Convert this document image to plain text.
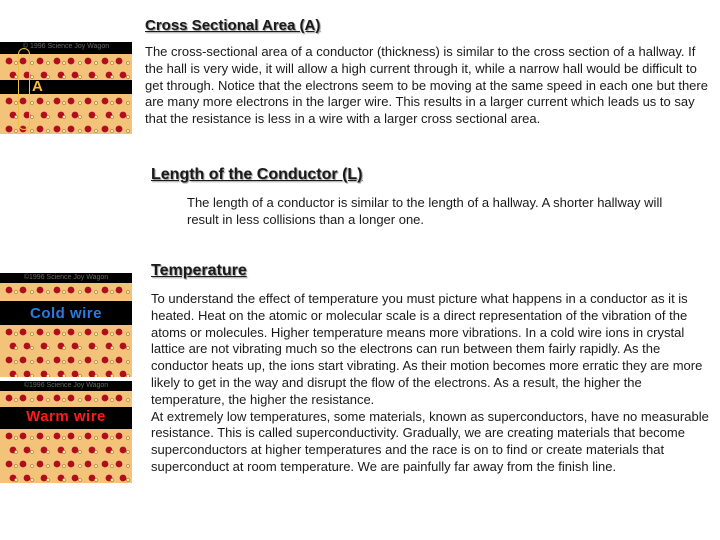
Cross Sectional Area (A)
The cross-sectional area of a conductor (thickness) is similar to the cross section of a hallway. If the hall is very wide, it will allow a high current through it, while a narrow hall would be difficult to get through. Notice that the electrons seem to be moving at the same speed in each one but there are many more electrons in the larger wire. This results in a larger current which leads us to say that the resistance is less in a wire with a larger cross sectional area.
Length of the Conductor (L)
The length of a conductor is similar to the length of a hallway. A shorter hallway will result in less collisions than a longer one.
Temperature
To understand the effect of temperature you must picture what happens in a conductor as it is heated. Heat on the atomic or molecular scale is a direct representation of the vibration of the atoms or molecules. Higher temperature means more vibrations. In a cold wire ions in crystal lattice are not vibrating much so the electrons can run between them fairly rapidly. As the conductor heats up, the ions start vibrating. As their motion becomes more erratic they are more likely to get in the way and disrupt the flow of the electrons. As a result, the higher the temperature, the higher the resistance.
At extremely low temperatures, some materials, known as superconductors, have no measurable resistance. This is called superconductivity. Gradually, we are creating materials that become superconductors at higher temperatures and the race is on to find or create materials that superconduct at room temperature. We are painfully far away from the finish line.
© 1996 Science Joy Wagon
A
©1996 Science Joy Wagon
Cold wire
©1996 Science Joy Wagon
Warm wire
